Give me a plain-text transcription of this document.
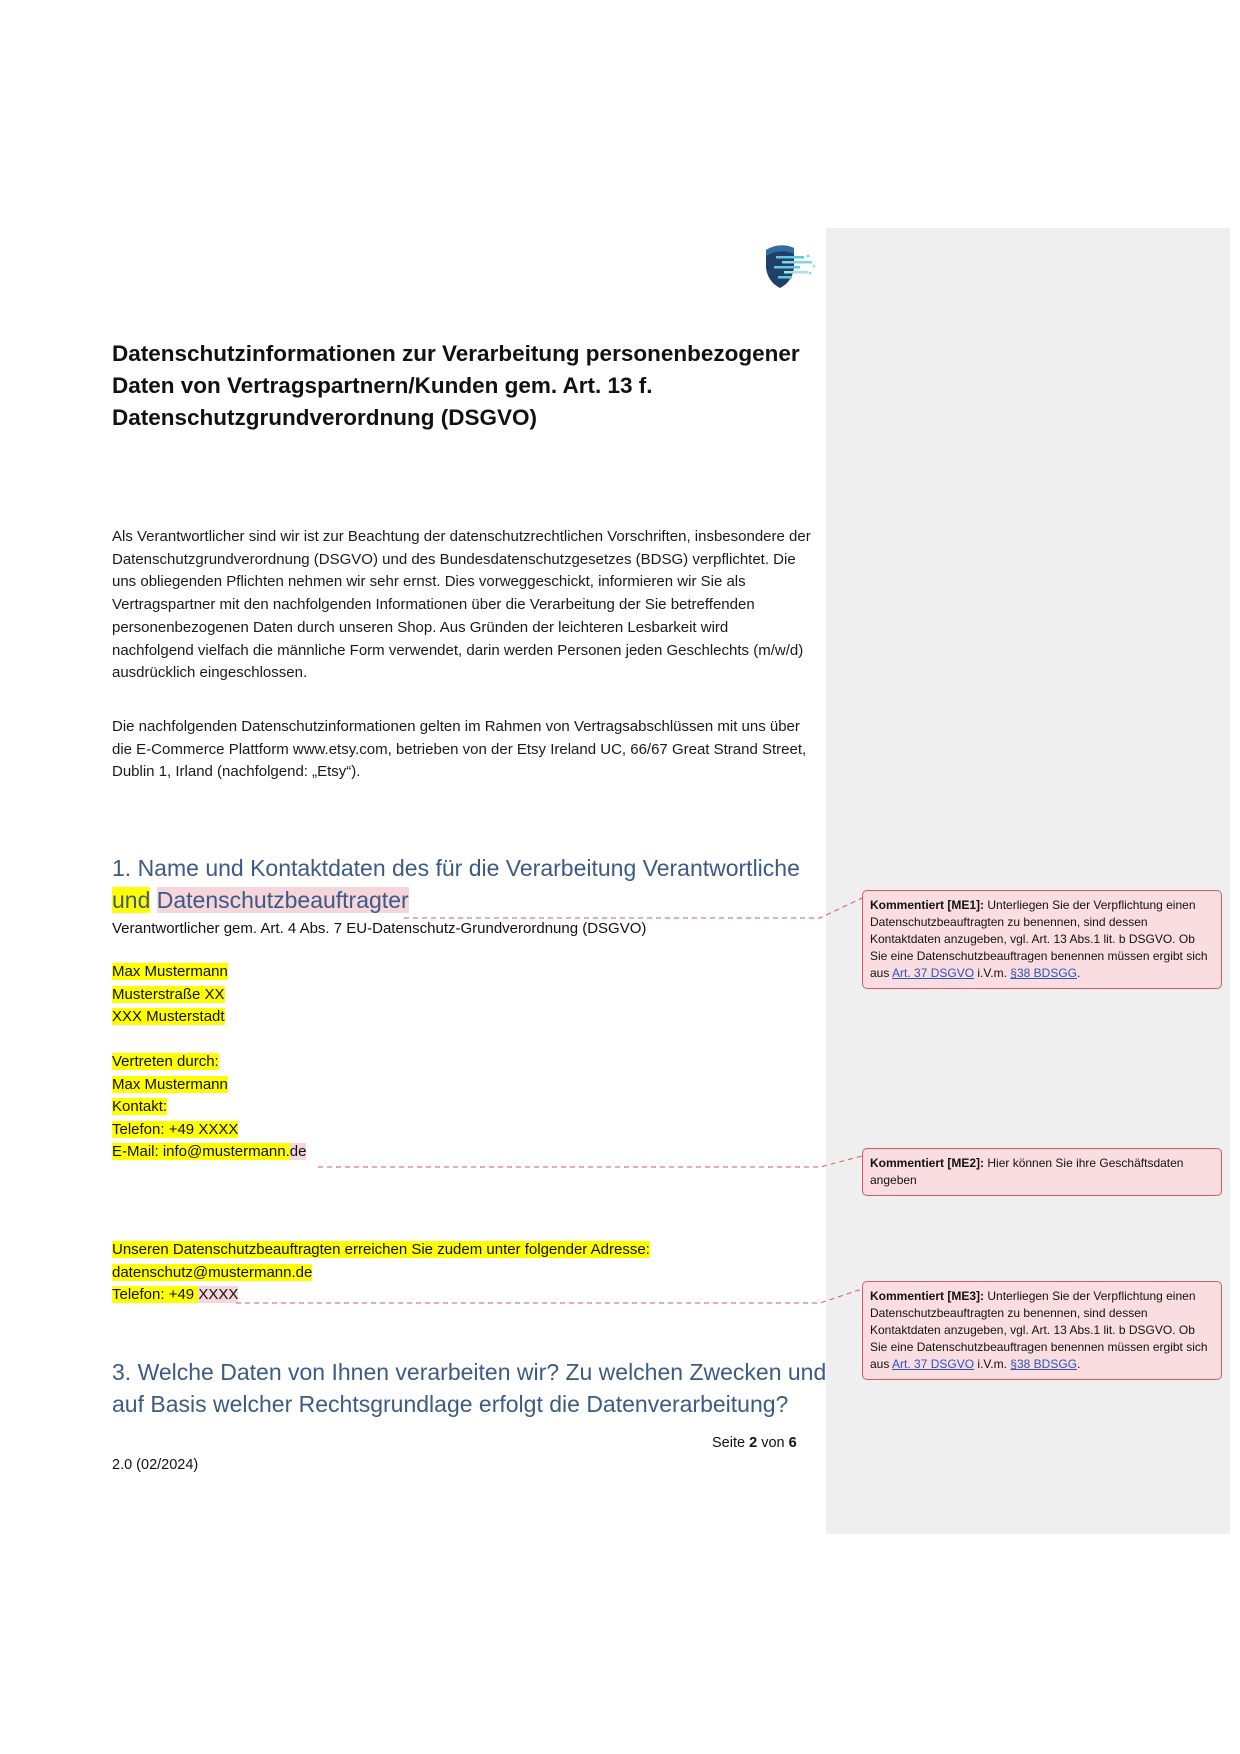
Datenschutzinformationen zur Verarbeitung personenbezogener
Daten von Vertragspartnern/Kunden gem. Art. 13 f.
Datenschutzgrundverordnung (DSGVO)
Als Verantwortlicher sind wir ist zur Beachtung der datenschutzrechtlichen Vorschriften, insbesondere der Datenschutzgrundverordnung (DSGVO) und des Bundesdatenschutzgesetzes (BDSG) verpflichtet. Die uns obliegenden Pflichten nehmen wir sehr ernst. Dies vorweggeschickt, informieren wir Sie als Vertragspartner mit den nachfolgenden Informationen über die Verarbeitung der Sie betreffenden personenbezogenen Daten durch unseren Shop. Aus Gründen der leichteren Lesbarkeit wird nachfolgend vielfach die männliche Form verwendet, darin werden Personen jeden Geschlechts (m/w/d) ausdrücklich eingeschlossen.
Die nachfolgenden Datenschutzinformationen gelten im Rahmen von Vertragsabschlüssen mit uns über die E-Commerce Plattform www.etsy.com, betrieben von der Etsy Ireland UC, 66/67 Great Strand Street, Dublin 1, Irland (nachfolgend: „Etsy“).
1. Name und Kontaktdaten des für die Verarbeitung Verantwortliche
und Datenschutzbeauftragter
Verantwortlicher gem. Art. 4 Abs. 7 EU-Datenschutz-Grundverordnung (DSGVO)
Max Mustermann
Musterstraße XX
XXX Musterstadt
Vertreten durch:
Max Mustermann
Kontakt:
Telefon: +49 XXXX
E-Mail: info@mustermann.de
Unseren Datenschutzbeauftragten erreichen Sie zudem unter folgender Adresse:
datenschutz@mustermann.de
Telefon: +49 XXXX
3. Welche Daten von Ihnen verarbeiten wir? Zu welchen Zwecken und
auf Basis welcher Rechtsgrundlage erfolgt die Datenverarbeitung?
Seite 2 von 6
2.0 (02/2024)
Kommentiert [ME1]: Unterliegen Sie der Verpflichtung einen Datenschutzbeauftragten zu benennen, sind dessen Kontaktdaten anzugeben, vgl. Art. 13 Abs.1 lit. b DSGVO. Ob Sie eine Datenschutzbeauftragen benennen müssen ergibt sich aus Art. 37 DSGVO i.V.m. §38 BDSGG.
Kommentiert [ME2]: Hier können Sie ihre Geschäftsdaten angeben
Kommentiert [ME3]: Unterliegen Sie der Verpflichtung einen Datenschutzbeauftragten zu benennen, sind dessen Kontaktdaten anzugeben, vgl. Art. 13 Abs.1 lit. b DSGVO. Ob Sie eine Datenschutzbeauftragen benennen müssen ergibt sich aus Art. 37 DSGVO i.V.m. §38 BDSGG.
